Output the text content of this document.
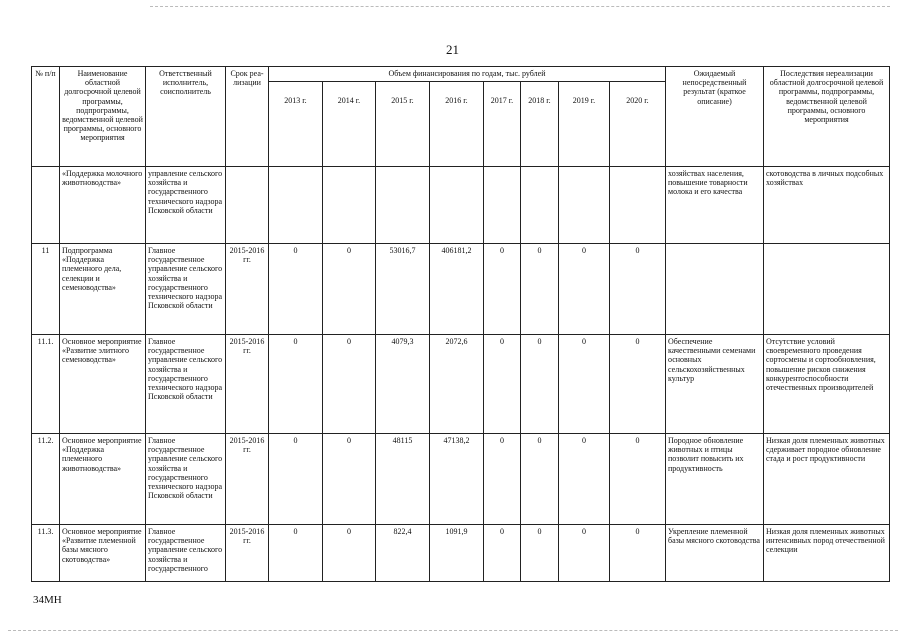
21
№ п/п	Наименование областной долгосрочной целевой программы, подпрограммы, ведомственной целевой программы, основного мероприятия	Ответственный исполнитель, соисполнитель	Срок реа-лизации	Объем финансирования по годам, тыс. рублей								Ожидаемый непосредственный результат (краткое описание)	Последствия нереализации областной долгосрочной целевой программы, подпрограммы, ведомственной целевой программы, основного мероприятия
				2013 г.	2014 г.	2015 г.	2016 г.	2017 г.	2018 г.	2019 г.	2020 г.		
	«Поддержка молочного животноводства»	управление сельского хозяйства и государственного технического надзора Псковской области										хозяйствах населения, повышение товарности молока и его качества	скотоводства в личных подсобных хозяйствах
11	Подпрограмма «Поддержка племенного дела, селекции и семеноводства»	Главное государственное управление сельского хозяйства и государственного технического надзора Псковской области	2015-2016 гг.	0	0	53016,7	406181,2	0	0	0	0		
11.1.	Основное мероприятие «Развитие элитного семеноводства»	Главное государственное управление сельского хозяйства и государственного технического надзора Псковской области	2015-2016 гг.	0	0	4079,3	2072,6	0	0	0	0	Обеспечение качественными семенами основных сельскохозяйственных культур	Отсутствие условий своевременного проведения сортосмены и сортообновления, повышение рисков снижения конкурентоспособности отечественных производителей
11.2.	Основное мероприятие «Поддержка племенного животноводства»	Главное государственное управление сельского хозяйства и государственного технического надзора Псковской области	2015-2016 гг.	0	0	48115	47138,2	0	0	0	0	Породное обновление животных и птицы позволит повысить их продуктивность	Низкая доля племенных животных сдерживает породное обновление стада и рост продуктивности
11.3.	Основное мероприятие «Развитие племенной базы мясного скотоводства»	Главное государственное управление сельского хозяйства и государственного	2015-2016 гг.	0	0	822,4	1091,9	0	0	0	0	Укрепление племенной базы мясного скотоводства	Низкая доля племенных животных интенсивных пород отечественной селекции
34МН
